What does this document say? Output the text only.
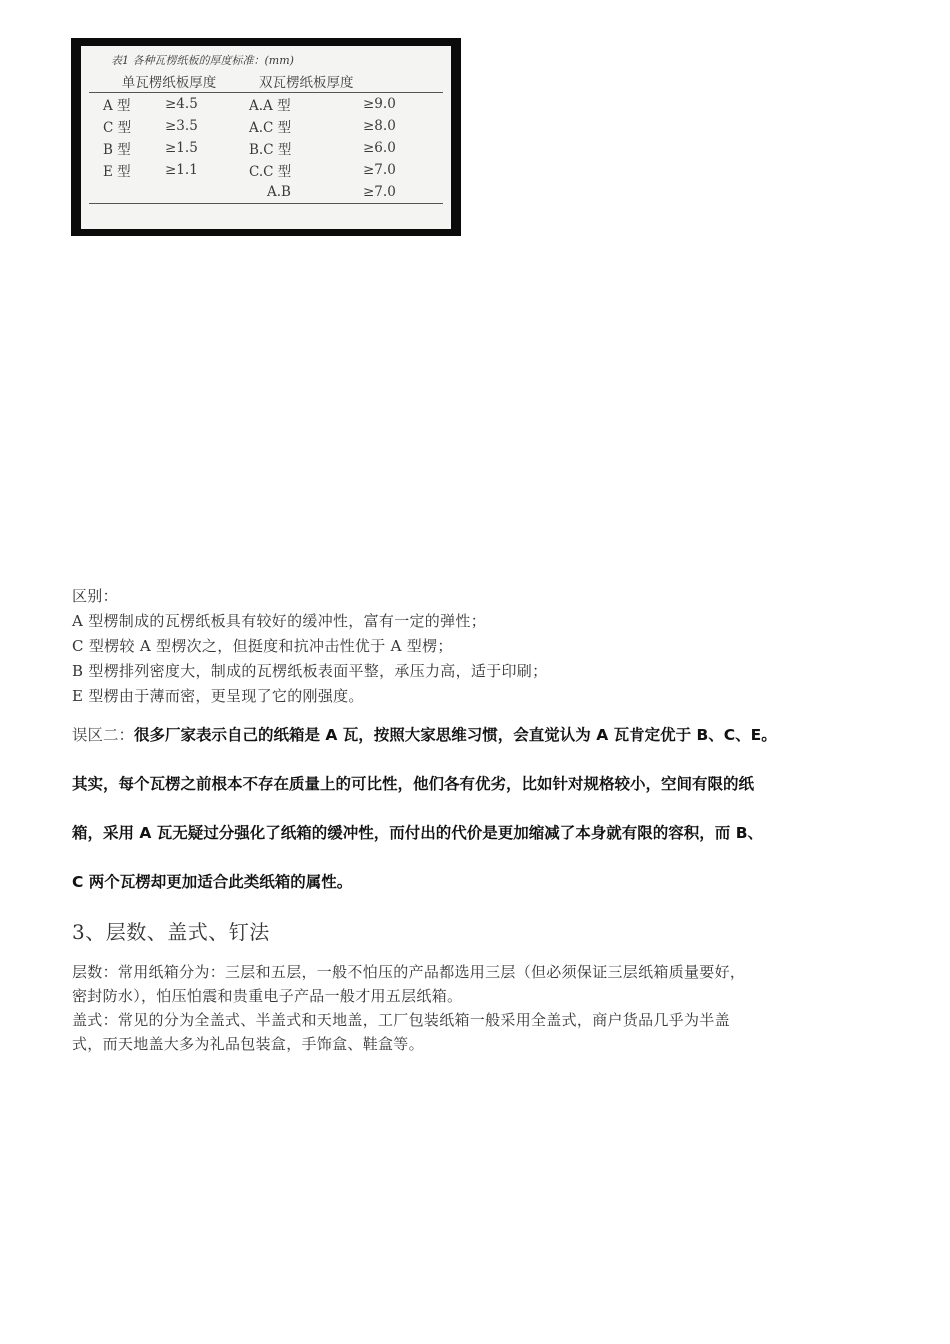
表1 各种瓦楞纸板的厚度标准：(mm)
单瓦楞纸板厚度		双瓦楞纸板厚度	
A 型	≥4.5	A.A 型	≥9.0
C 型	≥3.5	A.C 型	≥8.0
B 型	≥1.5	B.C 型	≥6.0
E 型	≥1.1	C.C 型	≥7.0
		A.B	≥7.0
区别：
A 型楞制成的瓦楞纸板具有较好的缓冲性，富有一定的弹性；
C 型楞较 A 型楞次之，但挺度和抗冲击性优于 A 型楞；
B 型楞排列密度大，制成的瓦楞纸板表面平整，承压力高，适于印刷；
E 型楞由于薄而密，更呈现了它的刚强度。
误区二：很多厂家表示自己的纸箱是 A 瓦，按照大家思维习惯，会直觉认为 A 瓦肯定优于 B、C、E。
其实，每个瓦楞之前根本不存在质量上的可比性，他们各有优劣，比如针对规格较小，空间有限的纸
箱，采用 A 瓦无疑过分强化了纸箱的缓冲性，而付出的代价是更加缩减了本身就有限的容积，而 B、
C 两个瓦楞却更加适合此类纸箱的属性。
3、层数、盖式、钉法
层数：常用纸箱分为：三层和五层，一般不怕压的产品都选用三层（但必须保证三层纸箱质量要好，
密封防水），怕压怕震和贵重电子产品一般才用五层纸箱。
盖式：常见的分为全盖式、半盖式和天地盖，工厂包装纸箱一般采用全盖式，商户货品几乎为半盖
式，而天地盖大多为礼品包装盒，手饰盒、鞋盒等。
